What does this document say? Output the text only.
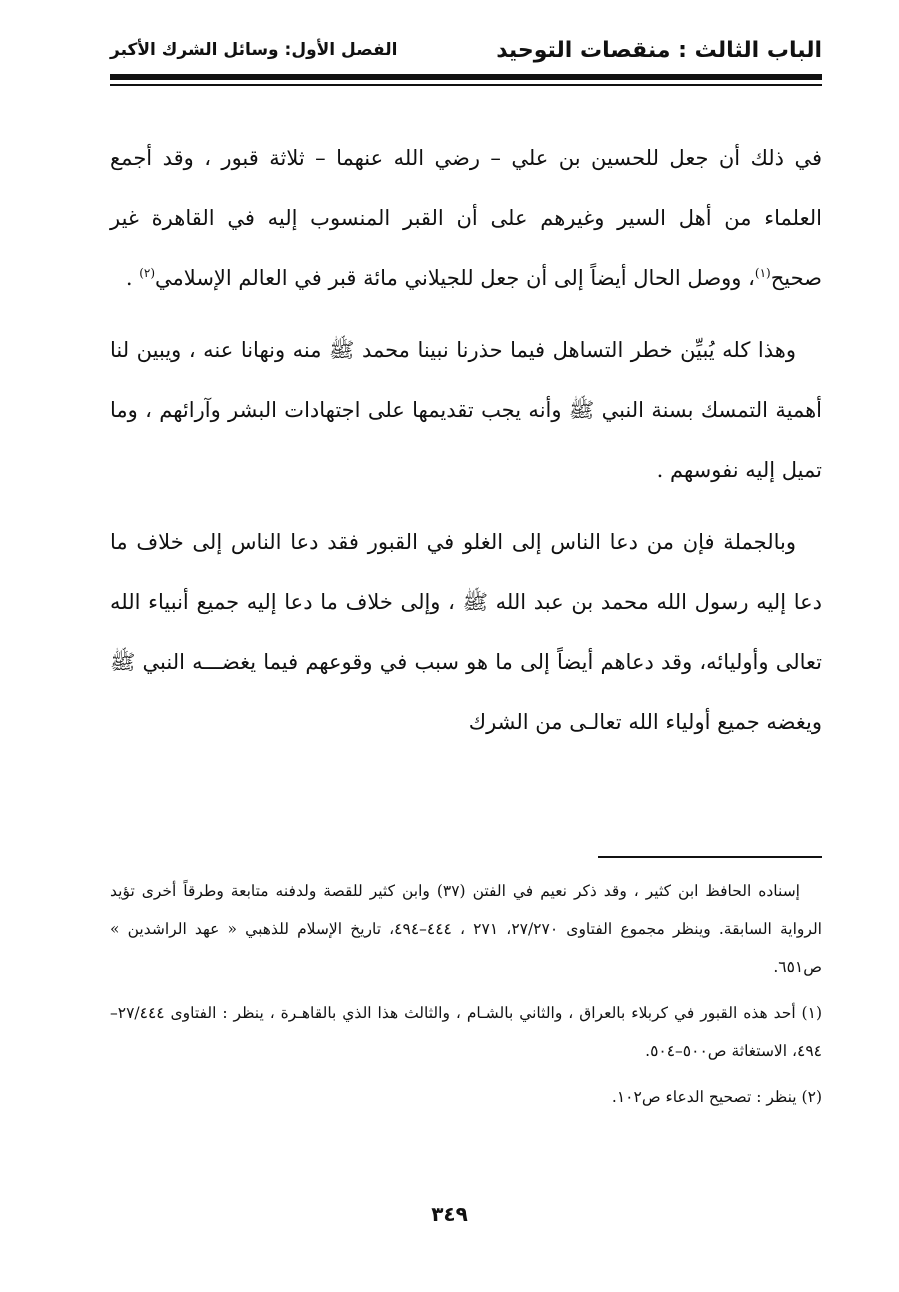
الباب الثالث : منقصات التوحيد
الفصل الأول: وسائل الشرك الأكبر

في ذلك أن جعل للحسين بن علي – رضي الله عنهما – ثلاثة قبور ، وقد أجمع العلماء من أهل السير وغيرهم على أن القبر المنسوب إليه في القاهرة غير صحيح$^{(١)}$، ووصل الحال أيضاً إلى أن جعل للجيلاني مائة قبر في العالم الإسلامي$^{(٢)}$ .

وهذا كله يُبيِّن خطر التساهل فيما حذرنا نبينا محمد ﷺ منه ونهانا عنه ، ويبين لنا أهمية التمسك بسنة النبي ﷺ وأنه يجب تقديمها على اجتهادات البشر وآرائهم ، وما تميل إليه نفوسهم .

وبالجملة فإن من دعا الناس إلى الغلو في القبور فقد دعا الناس إلى خلاف ما دعا إليه رسول الله محمد بن عبد الله ﷺ ، وإلى خلاف ما دعا إليه جميع أنبياء الله تعالى وأوليائه، وقد دعاهم أيضاً إلى ما هو سبب في وقوعهم فيما يغضـــه النبي ﷺ ويغضه جميع أولياء الله تعالـى من الشرك

إسناده الحافظ ابن كثير ، وقد ذكر نعيم في الفتن (٣٧) وابن كثير للقصة ولدفنه متابعة وطرقاً أخرى تؤيد الرواية السابقة. وينظر مجموع الفتاوى ٢٧/٢٧٠، ٢٧١ ، ٤٤٤–٤٩٤، تاريخ الإسلام للذهبي « عهد الراشدين » ص٦٥١.

(١) أحد هذه القبور في كربلاء بالعراق ، والثاني بالشـام ، والثالث هذا الذي بالقاهـرة ، ينظر : الفتاوى ٢٧/٤٤٤–٤٩٤، الاستغاثة ص٥٠٠–٥٠٤.

(٢) ينظر : تصحيح الدعاء ص١٠٢.

٣٤٩
